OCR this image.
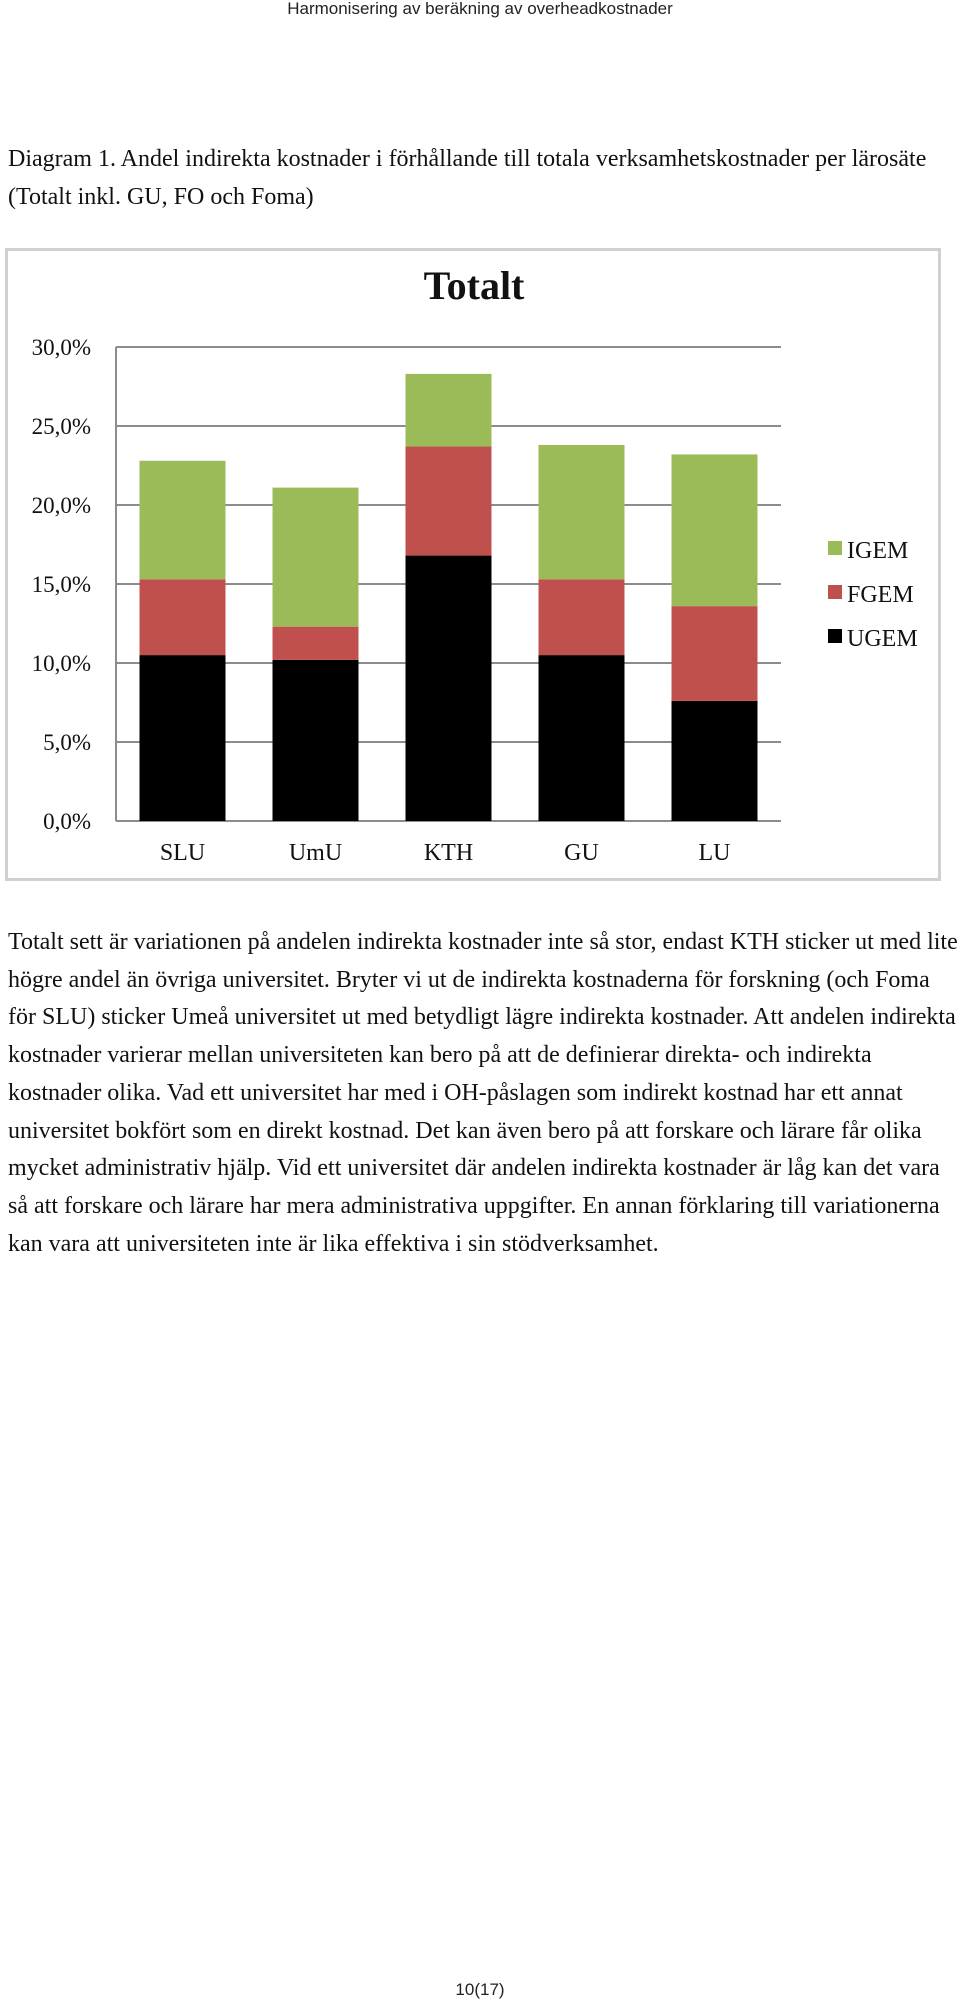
Harmonisering av beräkning av overheadkostnader
Diagram 1. Andel indirekta kostnader i förhållande till totala verksamhetskostnader per lärosäte (Totalt inkl. GU, FO och Foma)
Totalt
0,0%
5,0%
10,0%
15,0%
20,0%
25,0%
30,0%
SLU	UmU	KTH	GU	LU
IGEM
FGEM
UGEM
Totalt sett är variationen på andelen indirekta kostnader inte så stor, endast KTH sticker ut med lite högre andel än övriga universitet. Bryter vi ut de indirekta kostnaderna för forskning (och Foma för SLU) sticker Umeå universitet ut med betydligt lägre indirekta kostnader. Att andelen indirekta kostnader varierar mellan universiteten kan bero på att de definierar direkta- och indirekta kostnader olika. Vad ett universitet har med i OH-påslagen som indirekt kostnad har ett annat universitet bokfört som en direkt kostnad. Det kan även bero på att forskare och lärare får olika mycket administrativ hjälp. Vid ett universitet där andelen indirekta kostnader är låg kan det vara så att forskare och lärare har mera administrativa uppgifter. En annan förklaring till variationerna kan vara att universiteten inte är lika effektiva i sin stödverksamhet.
10(17)
